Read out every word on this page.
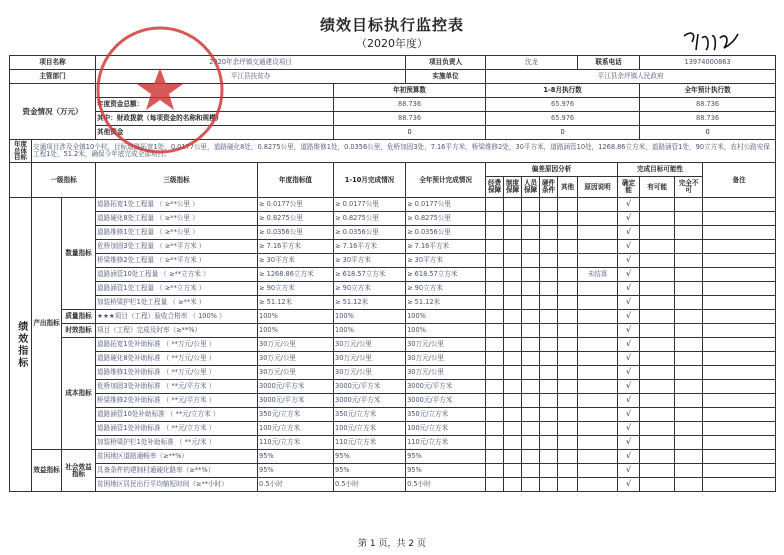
绩效目标执行监控表
（2020年度）
项目名称			2020年余坪镇交通建设项目			项目负责人	沈龙					联系电话		13974000863		
主管部门			平江县扶贫办			实施单位	平江县余坪镇人民政府									
资金情况（万元）					年初预算数		1-8月执行数							全年预计执行数		
			年度资金总额：		88.736		65.976							88.736		
			其中：财政拨款（每项资金的名称和规模）		88.736		65.976							88.736		
			其他资金		0		0							0		
年度总体目标	交通项目涉及全镇10个村，目标道路拓宽1处，0.0177公里，道路硬化8处，0.8275公里，道路维修1处，0.0356公里，危桥加固3处，7.16平方米，桥梁维修2处，30平方米，道路涵管10处，1268.86立方米，道路涵管1处，90立方米，农村公路安保工程1处，51.2米，确保今年底完成全部项目。															
	一级指标		三级指标	年度指标值	1-10月完成情况	全年预计完成情况	偏差原因分析						完成目标可能性			备注
							经费保障	制度保障	人员保障	硬件条件	其他	原因说明	确定能	有可能	完全不可	
绩效指标	产出指标	数量指标	道路拓宽1处工程量 （ ≥**公里 ）	≥ 0.0177公里	≥ 0.0177公里	≥ 0.0177公里							√			
			道路硬化8处工程量 （ ≥**公里 ）	≥ 0.8275公里	≥ 0.8275公里	≥ 0.8275公里							√			
			道路维修1处工程量 （ ≥**公里 ）	≥ 0.0356公里	≥ 0.0356公里	≥ 0.0356公里							√			
			危桥加固3处工程量 （ ≥**平方米 ）	≥ 7.16平方米	≥ 7.16平方米	≥ 7.16平方米							√			
			桥梁维修2处工程量 （ ≥**平方米 ）	≥ 30平方米	≥ 30平方米	≥ 30平方米							√			
			道路涵管10处工程量 （ ≥**立方米 ）	≥ 1268.86立方米	≥ 618.57立方米	≥ 618.57立方米						未结算	√			
			道路涵管1处工程量 （ ≥**立方米 ）	≥ 90立方米	≥ 90立方米	≥ 90立方米							√			
			加装桥梁护栏1处工程量 （ ≥**米 ）	≥ 51.12米	≥ 51.12米	≥ 51.12米							√			
		质量指标	★★★项目（工程）验收合格率 （ 100% ）	100%	100%	100%							√			
		时效指标	项目（工程）完成及时率（≥**%）	100%	100%	100%							√			
		成本指标	道路拓宽1处补助标准 （ **万元/公里 ）	30万元/公里	30万元/公里	30万元/公里							√			
			道路硬化8处补助标准 （ **万元/公里 ）	30万元/公里	30万元/公里	30万元/公里							√			
			道路维修1处补助标准 （ **万元/公里 ）	30万元/公里	30万元/公里	30万元/公里							√			
			危桥加固3处补助标准 （ **元/平方米 ）	3000元/平方米	3000元/平方米	3000元/平方米							√			
			桥梁维修2处补助标准 （ **元/平方米 ）	3000元/平方米	3000元/平方米	3000元/平方米							√			
			道路涵管10处补助标准 （ **元/立方米 ）	350元/立方米	350元/立方米	350元/立方米							√			
			道路涵管1处补助标准 （ **元/立方米 ）	100元/立方米	100元/立方米	100元/立方米							√			
			加装桥梁护栏1处补助标准 （ **元/米 ）	110元/立方米	110元/立方米	110元/立方米							√			
	效益指标	社会效益指标	贫困地区道路通畅率（≥**%）	95%	95%	95%							√			
			具备条件的建制村通硬化路率（≥**%）	95%	95%	95%							√			
			贫困地区居民出行平均缩短时间（≥**小时）	0.5小时	0.5小时	0.5小时							√			
第 1 页，共 2 页
